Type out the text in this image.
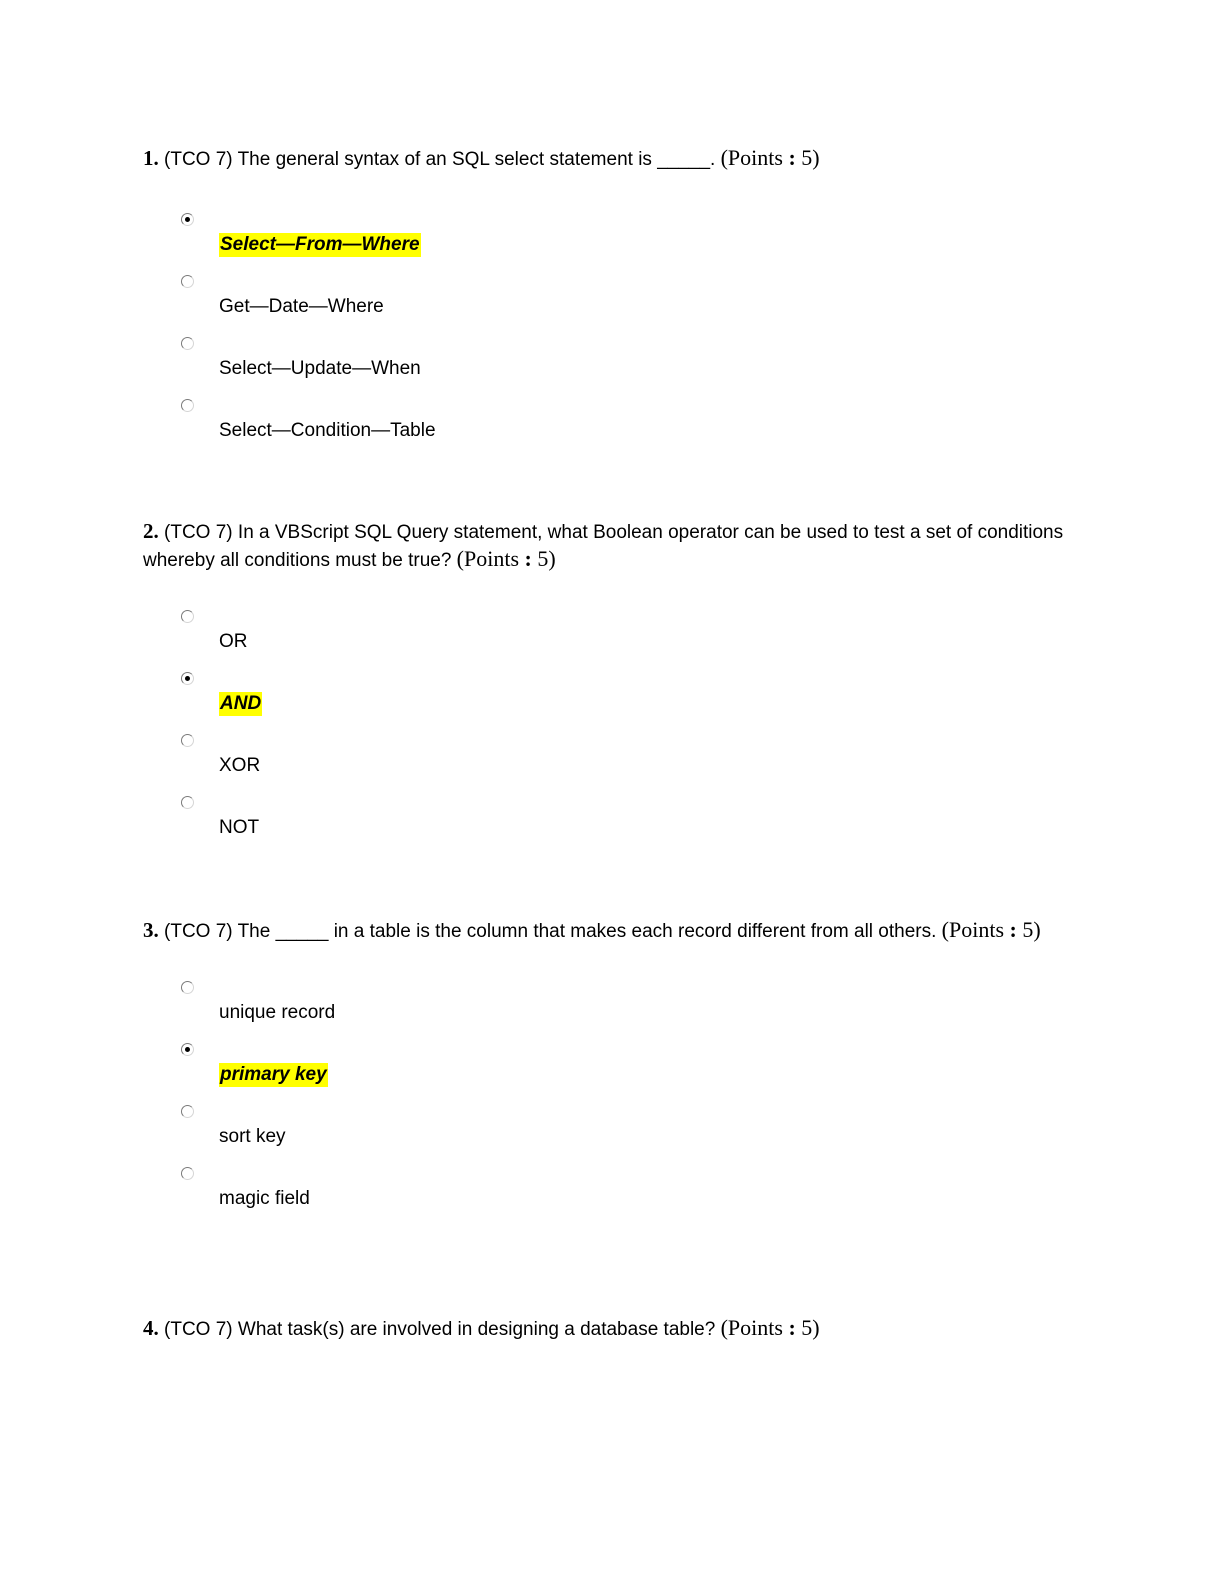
1. (TCO 7) The general syntax of an SQL select statement is _____. (Points : 5)

Select—From—Where
Get—Date—Where
Select—Update—When
Select—Condition—Table

2. (TCO 7) In a VBScript SQL Query statement, what Boolean operator can be used to test a set of conditions whereby all conditions must be true? (Points : 5)

OR
AND
XOR
NOT

3. (TCO 7) The _____ in a table is the column that makes each record different from all others. (Points : 5)

unique record
primary key
sort key
magic field

4. (TCO 7) What task(s) are involved in designing a database table? (Points : 5)
